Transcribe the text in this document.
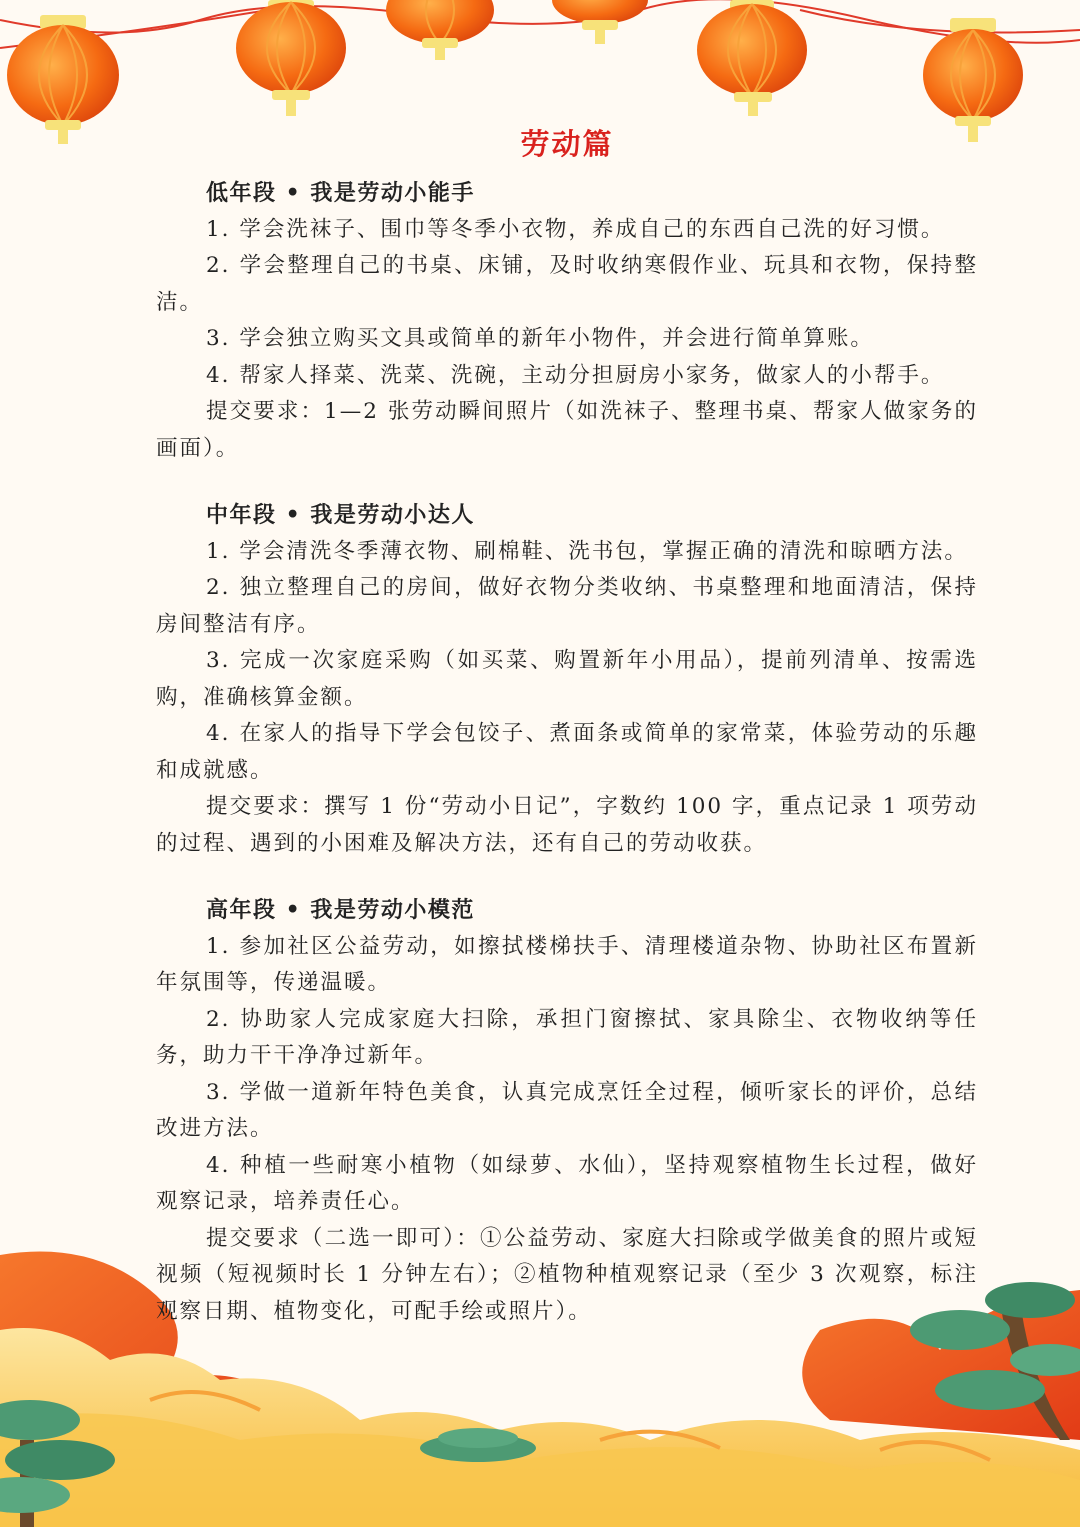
劳动篇

低年段 • 我是劳动小能手

1. 学会洗袜子、围巾等冬季小衣物，养成自己的东西自己洗的好习惯。

2. 学会整理自己的书桌、床铺，及时收纳寒假作业、玩具和衣物，保持整洁。

3. 学会独立购买文具或简单的新年小物件，并会进行简单算账。

4. 帮家人择菜、洗菜、洗碗，主动分担厨房小家务，做家人的小帮手。

提交要求：1—2 张劳动瞬间照片（如洗袜子、整理书桌、帮家人做家务的画面）。

中年段 • 我是劳动小达人

1. 学会清洗冬季薄衣物、刷棉鞋、洗书包，掌握正确的清洗和晾晒方法。

2. 独立整理自己的房间，做好衣物分类收纳、书桌整理和地面清洁，保持房间整洁有序。

3. 完成一次家庭采购（如买菜、购置新年小用品），提前列清单、按需选购，准确核算金额。

4. 在家人的指导下学会包饺子、煮面条或简单的家常菜，体验劳动的乐趣和成就感。

提交要求：撰写 1 份“劳动小日记”，字数约 100 字，重点记录 1 项劳动的过程、遇到的小困难及解决方法，还有自己的劳动收获。

高年段 • 我是劳动小模范

1. 参加社区公益劳动，如擦拭楼梯扶手、清理楼道杂物、协助社区布置新年氛围等，传递温暖。

2. 协助家人完成家庭大扫除，承担门窗擦拭、家具除尘、衣物收纳等任务，助力干干净净过新年。

3. 学做一道新年特色美食，认真完成烹饪全过程，倾听家长的评价，总结改进方法。

4. 种植一些耐寒小植物（如绿萝、水仙），坚持观察植物生长过程，做好观察记录，培养责任心。

提交要求（二选一即可）：①公益劳动、家庭大扫除或学做美食的照片或短视频（短视频时长 1 分钟左右）；②植物种植观察记录（至少 3 次观察，标注观察日期、植物变化，可配手绘或照片）。
